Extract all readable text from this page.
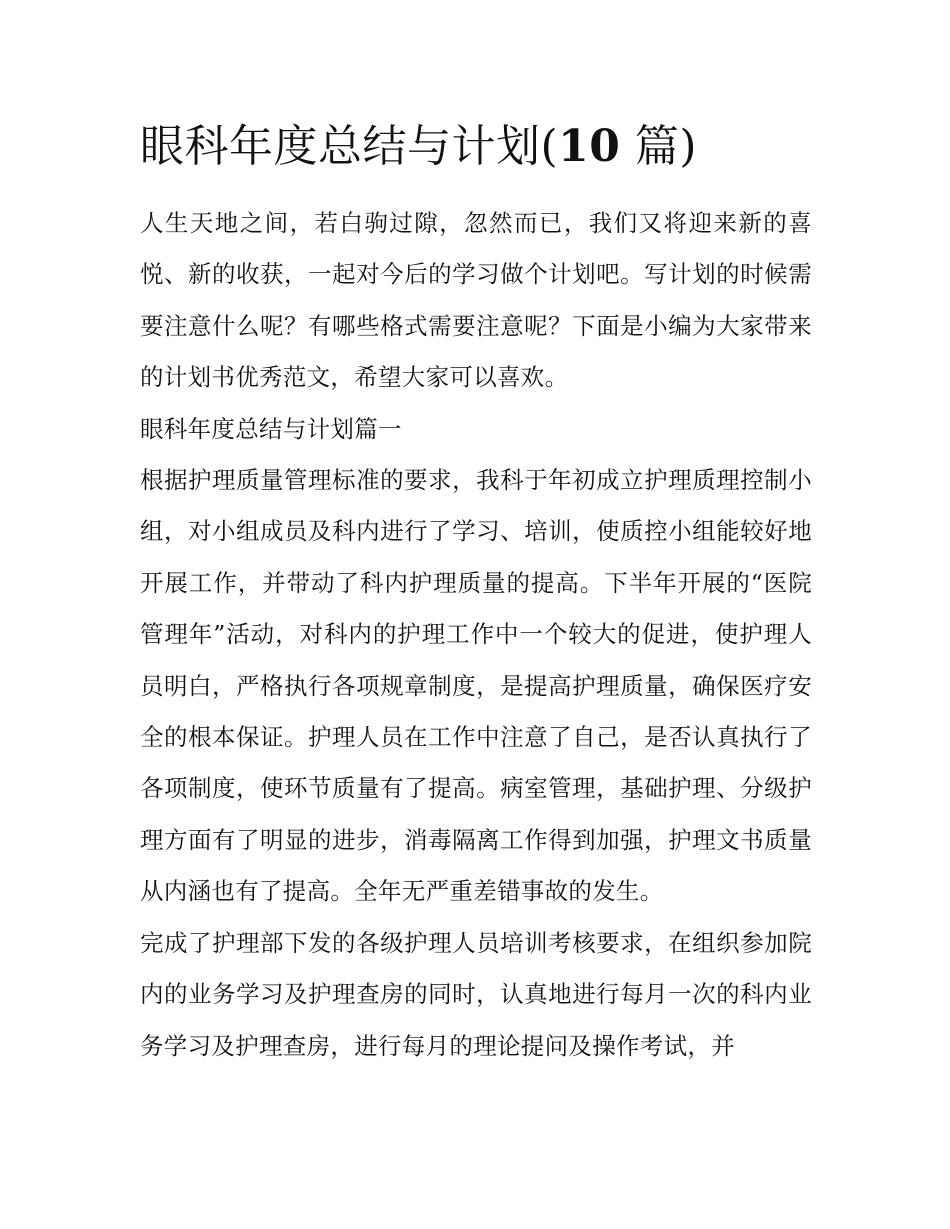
眼科年度总结与计划(10 篇)

人生天地之间，若白驹过隙，忽然而已，我们又将迎来新的喜悦、新的收获，一起对今后的学习做个计划吧。写计划的时候需要注意什么呢？有哪些格式需要注意呢？下面是小编为大家带来的计划书优秀范文，希望大家可以喜欢。

眼科年度总结与计划篇一

根据护理质量管理标准的要求，我科于年初成立护理质理控制小组，对小组成员及科内进行了学习、培训，使质控小组能较好地开展工作，并带动了科内护理质量的提高。下半年开展的“医院管理年”活动，对科内的护理工作中一个较大的促进，使护理人员明白，严格执行各项规章制度，是提高护理质量，确保医疗安全的根本保证。护理人员在工作中注意了自己，是否认真执行了各项制度，使环节质量有了提高。病室管理，基础护理、分级护理方面有了明显的进步，消毒隔离工作得到加强，护理文书质量从内涵也有了提高。全年无严重差错事故的发生。

完成了护理部下发的各级护理人员培训考核要求，在组织参加院内的业务学习及护理查房的同时，认真地进行每月一次的科内业务学习及护理查房，进行每月的理论提问及操作考试，并
